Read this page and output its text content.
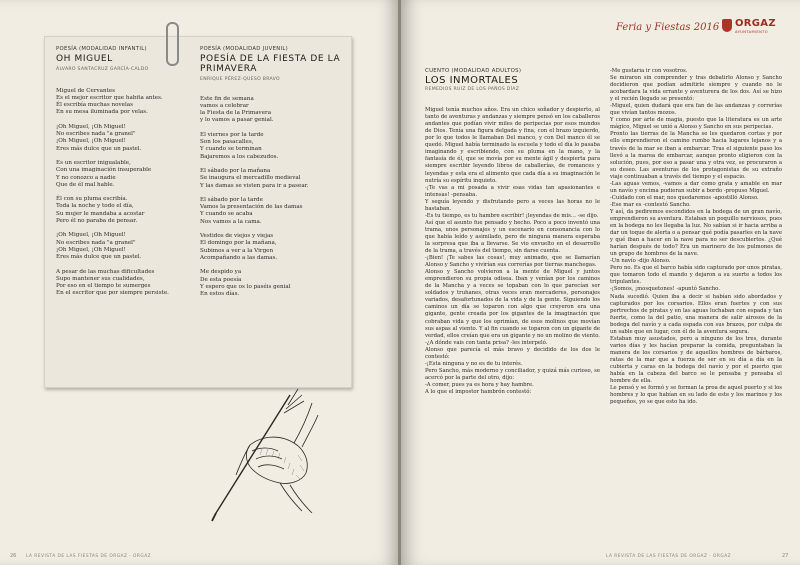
POESÍA (MODALIDAD INFANTIL)
OH MIGUEL
ÁLVARO SANTACRUZ GARCÍA-CALDO
Miguel de Cervantes
Es el mejor escritor que habita antes.
Él escribía muchas novelas
En su mesa iluminada por velas.
¡Oh Miguel, ¡Oh Miguel!
No escribes nada "a granel"
¡Oh Miguel, ¡Oh Miguel!
Eres más dulce que un pastel.
Es un escritor inigualable,
Con una imaginación insuperable
Y no conozco a nadie
Que de él mal hable.
Él con su pluma escribía.
Toda la noche y todo el día,
Su mujer le mandaba a acostar
Pero él no paraba de pensar.
¡Oh Miguel, ¡Oh Miguel!
No escribes nada "a granel"
¡Oh Miguel, ¡Oh Miguel!
Eres más dulce que un pastel.
A pesar de las muchas dificultades
Supo mantener sus cualidades,
Por eso en el tiempo te sumerges
En el escritor que por siempre persiste.
POESÍA (MODALIDAD JUVENIL)
POESÍA DE LA FIESTA DE LA PRIMAVERA
ENRIQUE PÉREZ-QUESO BRAVO
Este fin de semana
vamos a celebrar
la Fiesta de la Primavera
y lo vamos a pasar genial.
El viernes por la tarde
Son los pasacalles,
Y cuando se terminan
Bajaremos a los cabezudos.
El sábado por la mañana
Se inaugura el mercadillo medieval
Y las damas se visten para ir a pasear.
El sábado por la tarde
Vamos la presentación de las damas
Y cuando se acaba
Nos vamos a la cama.
Vestidos de viejos y viejas
El domingo por la mañana,
Subimos a ver a la Virgen
Acompañando a las damas.
Me despido ya
De esta poesía
Y espero que os lo paséis genial
En estos días.
LA REVISTA DE LAS FIESTAS DE ORGAZ · ORGAZ
26
Feria y Fiestas 2016 ORGAZ
AYUNTAMIENTO
CUENTO (MODALIDAD ADULTOS)
LOS INMORTALES
REMEDIOS RUIZ DE LOS PAÑOS DÍAZ

Miguel tenía muchos años. Era un chico soñador y despierto, al tanto de aventuras y andanzas y siempre pensó en los caballeros andantes que podían vivir miles de peripecias por esos mundos de Dios. Tenía una figura delgada y fina, con el brazo izquierdo, por lo que todos le llamaban Del manco, y con Del manco él se quedó. Miguel había terminado la escuela y todo el día lo pasaba imaginando y escribiendo, con su pluma en la mano, y la fantasía de él, que se movía por su mente ágil y despierta para siempre escribir leyendo libros de caballerías, de romances y leyendas y esta era el alimento que cada día a su imaginación le nutría su espíritu inquieto.

-¡Te vas a mi posada a vivir esas vidas tan apasionantes e intensas! -pensaba.

Y seguía leyendo y disfrutando pero a veces las horas no le bastaban.

-Es tu tiempo, es tu hambre escribir! ¡leyendas de mis... -se dijo.

Así que el asunto fue pensado y hecho. Poco a poco inventó una trama, unos personajes y un escenario en consonancia con lo que había leído y asimilado, pero de ninguna manera esperaba la sorpresa que iba a llevarse. Se vio envuelto en el desarrollo de la trama, a través del tiempo, sin darse cuenta.

-¡Bien! ¡Te sabes las cosas!, muy animado, que se llamarían Alonso y Sancho y vivirían sus correrías por tierras manchegas.

Alonso y Sancho volvieron a la mente de Miguel y juntos emprendieron su propia odisea. Iban y venían por los caminos de la Mancha y a veces se topaban con lo que parecían ser soldados y truhanes, otras veces eran mercaderes, personajes variados, desafortunados de la vida y de la gente. Siguiendo los caminos un día se toparon con algo que creyeron era una gigante, gente creada por los gigantes de la imaginación que cobraban vida y que los oprimían, de esos molinos que movían sus aspas al viento. Y al fin cuando se toparon con un gigante de verdad, ellos creían que era un gigante y no un molino de viento.

-¿A dónde vais con tanta prisa? -les interpeló.

Alonso que parecía el más bravo y decidido de los dos le contestó:

-¡Esta ninguna y no es de tu interés.

Pero Sancho, más moderno y conciliador, y quizá más curioso, se acercó por la parte del otro, dijo:

-A comer, pues ya es hora y hay hambre.

A lo que el impostor hambrón contestó:

-Me gustaría ir con vosotros.

Se miraron sin comprender y tras debatirlo Alonso y Sancho decidieron que podían admitirle siempre y cuando no le acobardara la vida errante y aventurera de los dos. Así se hizo y el recién llegado se presentó:

-Miguel, quien dudará que era fan de las andanzas y correrías que vivían tantos mozos.

Y como por arte de magia, puesto que la literatura es un arte mágico, Miguel se unió a Alonso y Sancho en sus peripecias.

Pronto las tierras de la Mancha se les quedaron cortas y por ello emprendieron el camino rumbo hacia lugares lejanos y a través de la mar se iban a embarcar. Tras el siguiente paso los llevó a la marea de embarcar, aunque pronto eligieron con la solución, pues, por eso a pasar una y otra vez, se procuraron a su deseo. Las aventuras de los protagonistas de su extraño viaje continuaban a través del tiempo y el espacio.

-Las aguas vemos, -vamos a dar como grata y amable en mar un navío y encima pudieran subir a bordo -propuso Miguel.

-Cuidado con el mar, nos quedaremos -apostilló Alonso.

-Ese mar es -contestó Sancho.

Y así, da pediremos escondidos en la bodega de un gran navío, emprendieron su aventura. Estaban un poquillo nerviosos, pues en la bodega no les llegaba la luz. No sabían si ir hacia arriba a dar un toque de alerta o a pensar qué podía pasarles en la nave y qué iban a hacer en la nave para no ser descubiertos. ¿Qué harían después de todo? Era un marinero de los pulmones de un grupo de hombres de la nave.

-Un navío -dijo Alonso.

Pero no. Es que el barco había sido capturado por unos piratas, que tomaron todo el mando y dejaron a su suerte a todos los tripulantes.

-¡Somos, ¡mosquetones! -apuntó Sancho.

Nada sucedió. Quien iba a decir si habían sido abordados y capturados por los corsarios. Ellos eran fuertes y con sus pertrechos de piratas y en las aguas luchaban con espada y tan fuerte, como la del patio, una manera de salir airosos de la bodega del navío y a cada espada con sus brazos, por culpa de un sable que en lugar, con él de la aventura segura.

Estaban muy asustados, pero a ninguno de los tres, durante varios días y les hacían preparar la comida, preguntaban la manera de los corsarios y de aquellos hombres de bárbaros, ratas de la mar que a fuerza de ser en su día a día en la cubierta y caras en la bodega del navío y por el puerto que había en la cabeza del barco se le pensaba y pensaba el hombre de ella.

Le pensó y se formó y se forman la proa de aquel puerto y si los hombres y lo que habían en su lado de este y los marinos y los pequeños, yo se que esto ha ido.

LA REVISTA DE LAS FIESTAS DE ORGAZ · ORGAZ	27
